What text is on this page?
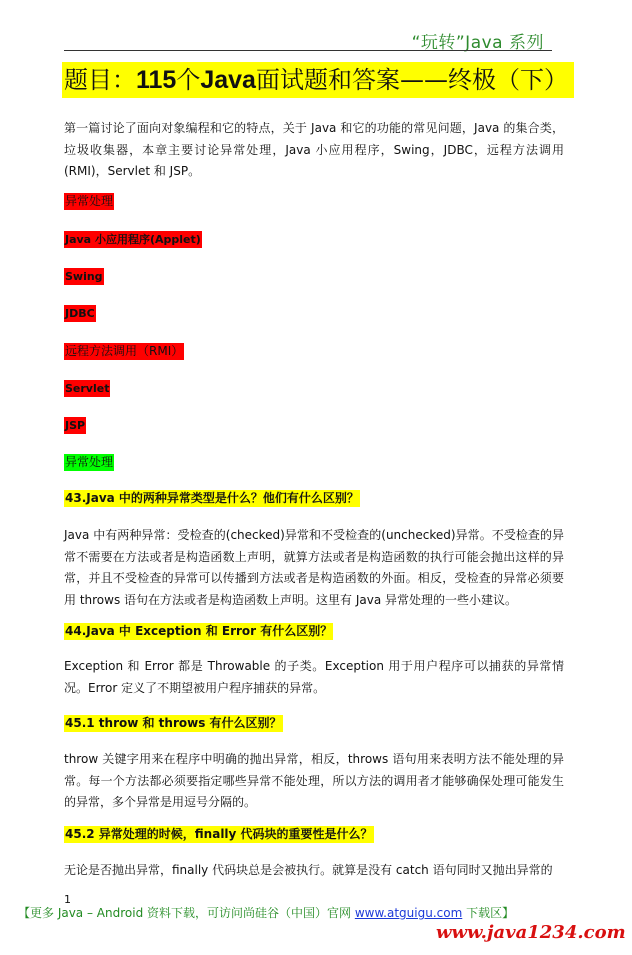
“玩转”Java 系列
题目：115个Java面试题和答案——终极（下）

第一篇讨论了面向对象编程和它的特点，关于 Java 和它的功能的常见问题，Java 的集合类，垃圾收集器，本章主要讨论异常处理，Java 小应用程序，Swing，JDBC，远程方法调用(RMI)，Servlet 和 JSP。

异常处理
Java 小应用程序(Applet)
Swing
JDBC
远程方法调用（RMI）
Servlet
JSP
异常处理
43.Java 中的两种异常类型是什么？他们有什么区别？

Java 中有两种异常：受检查的(checked)异常和不受检查的(unchecked)异常。不受检查的异常不需要在方法或者是构造函数上声明，就算方法或者是构造函数的执行可能会抛出这样的异常，并且不受检查的异常可以传播到方法或者是构造函数的外面。相反，受检查的异常必须要用 throws 语句在方法或者是构造函数上声明。这里有 Java 异常处理的一些小建议。

44.Java 中 Exception 和 Error 有什么区别？

Exception 和 Error 都是 Throwable 的子类。Exception 用于用户程序可以捕获的异常情况。Error 定义了不期望被用户程序捕获的异常。

45.1 throw 和 throws 有什么区别？

throw 关键字用来在程序中明确的抛出异常，相反，throws 语句用来表明方法不能处理的异常。每一个方法都必须要指定哪些异常不能处理，所以方法的调用者才能够确保处理可能发生的异常，多个异常是用逗号分隔的。

45.2 异常处理的时候，finally 代码块的重要性是什么？

无论是否抛出异常，finally 代码块总是会被执行。就算是没有 catch 语句同时又抛出异常的

1
【更多 Java – Android 资料下载，可访问尚硅谷（中国）官网 www.atguigu.com 下载区】
www.java1234.com
